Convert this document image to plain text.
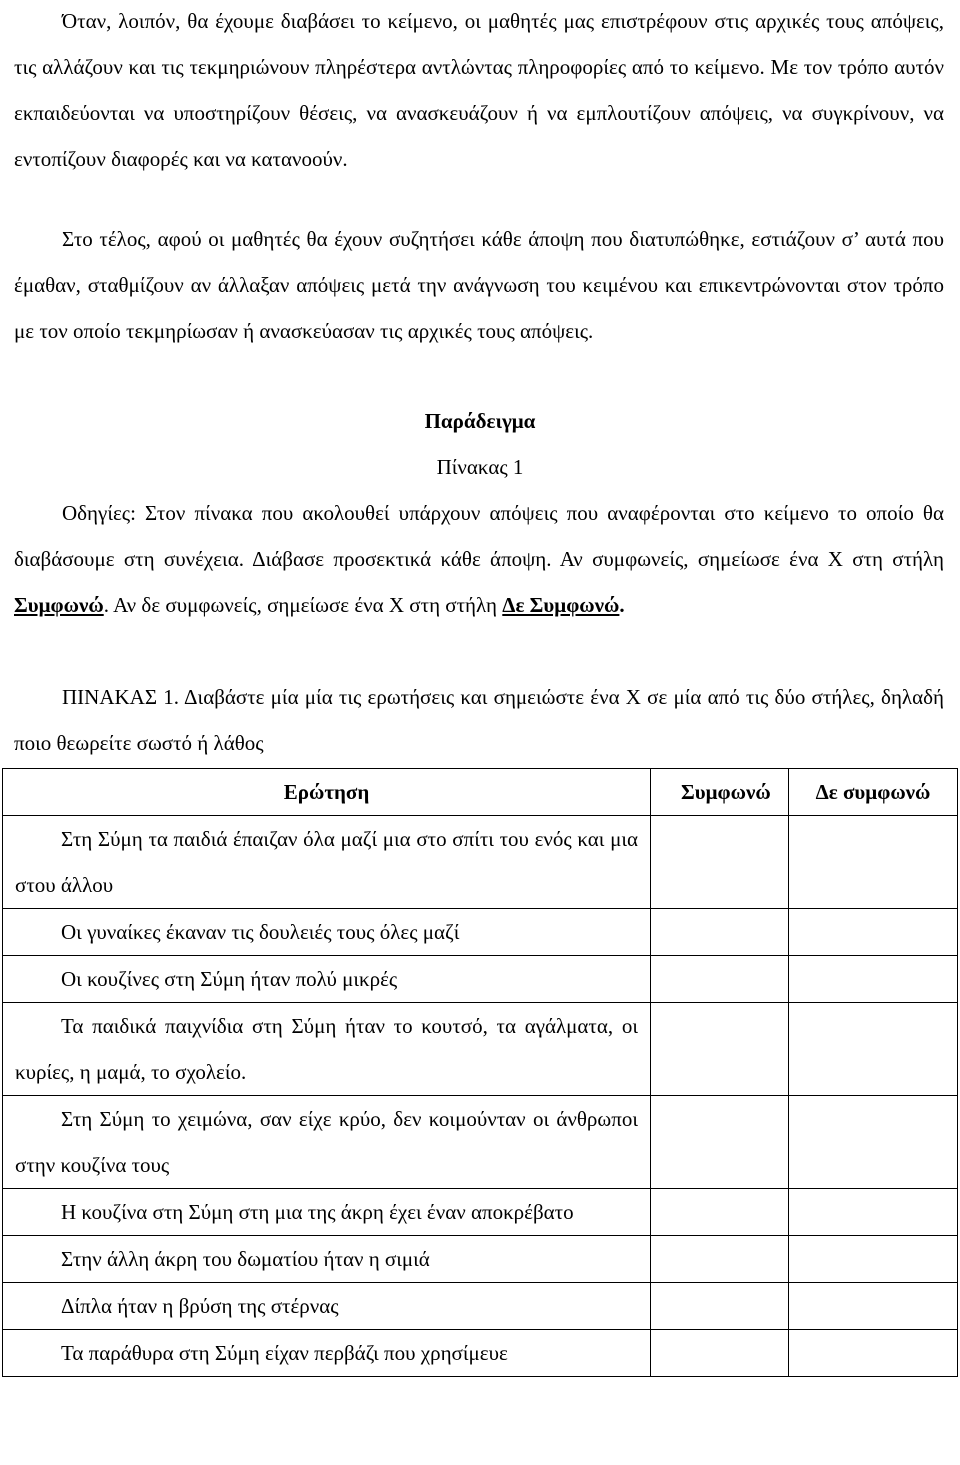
Όταν, λοιπόν, θα έχουμε διαβάσει το κείμενο, οι μαθητές μας επιστρέφουν στις αρχικές τους απόψεις, τις αλλάζουν και τις τεκμηριώνουν πληρέστερα αντλώντας πληροφορίες από το κείμενο. Με τον τρόπο αυτόν εκπαιδεύονται να υποστηρίζουν θέσεις, να ανασκευάζουν ή να εμπλουτίζουν απόψεις, να συγκρίνουν, να εντοπίζουν διαφορές και να κατανοούν.

Στο τέλος, αφού οι μαθητές θα έχουν συζητήσει κάθε άποψη που διατυπώθηκε, εστιάζουν σ’ αυτά που έμαθαν, σταθμίζουν αν άλλαξαν απόψεις μετά την ανάγνωση του κειμένου και επικεντρώνονται στον τρόπο με τον οποίο τεκμηρίωσαν ή ανασκεύασαν τις αρχικές τους απόψεις.

Παράδειγμα

Πίνακας 1

Οδηγίες: Στον πίνακα που ακολουθεί υπάρχουν απόψεις που αναφέρονται στο κείμενο το οποίο θα διαβάσουμε στη συνέχεια. Διάβασε προσεκτικά κάθε άποψη. Αν συμφωνείς, σημείωσε ένα Χ στη στήλη Συμφωνώ. Αν δε συμφωνείς, σημείωσε ένα Χ στη στήλη Δε Συμφωνώ.

ΠΙΝΑΚΑΣ 1. Διαβάστε μία μία τις ερωτήσεις και σημειώστε ένα Χ σε μία από τις δύο στήλες, δηλαδή ποιο θεωρείτε σωστό ή λάθος

Ερώτηση	Συμφωνώ	Δε συμφωνώ
Στη Σύμη τα παιδιά έπαιζαν όλα μαζί μια στο σπίτι του ενός και μια στου άλλου		
Οι γυναίκες έκαναν τις δουλειές τους όλες μαζί		
Οι κουζίνες στη Σύμη ήταν πολύ μικρές		
Τα παιδικά παιχνίδια στη Σύμη ήταν το κουτσό, τα αγάλματα, οι κυρίες, η μαμά, το σχολείο.		
Στη Σύμη το χειμώνα, σαν είχε κρύο, δεν κοιμούνταν οι άνθρωποι στην κουζίνα τους		
Η κουζίνα στη Σύμη στη μια της άκρη έχει έναν αποκρέβατο		
Στην άλλη άκρη του δωματίου ήταν η σιμιά		
Δίπλα ήταν η βρύση της στέρνας		
Τα παράθυρα στη Σύμη είχαν περβάζι που χρησίμευε		
